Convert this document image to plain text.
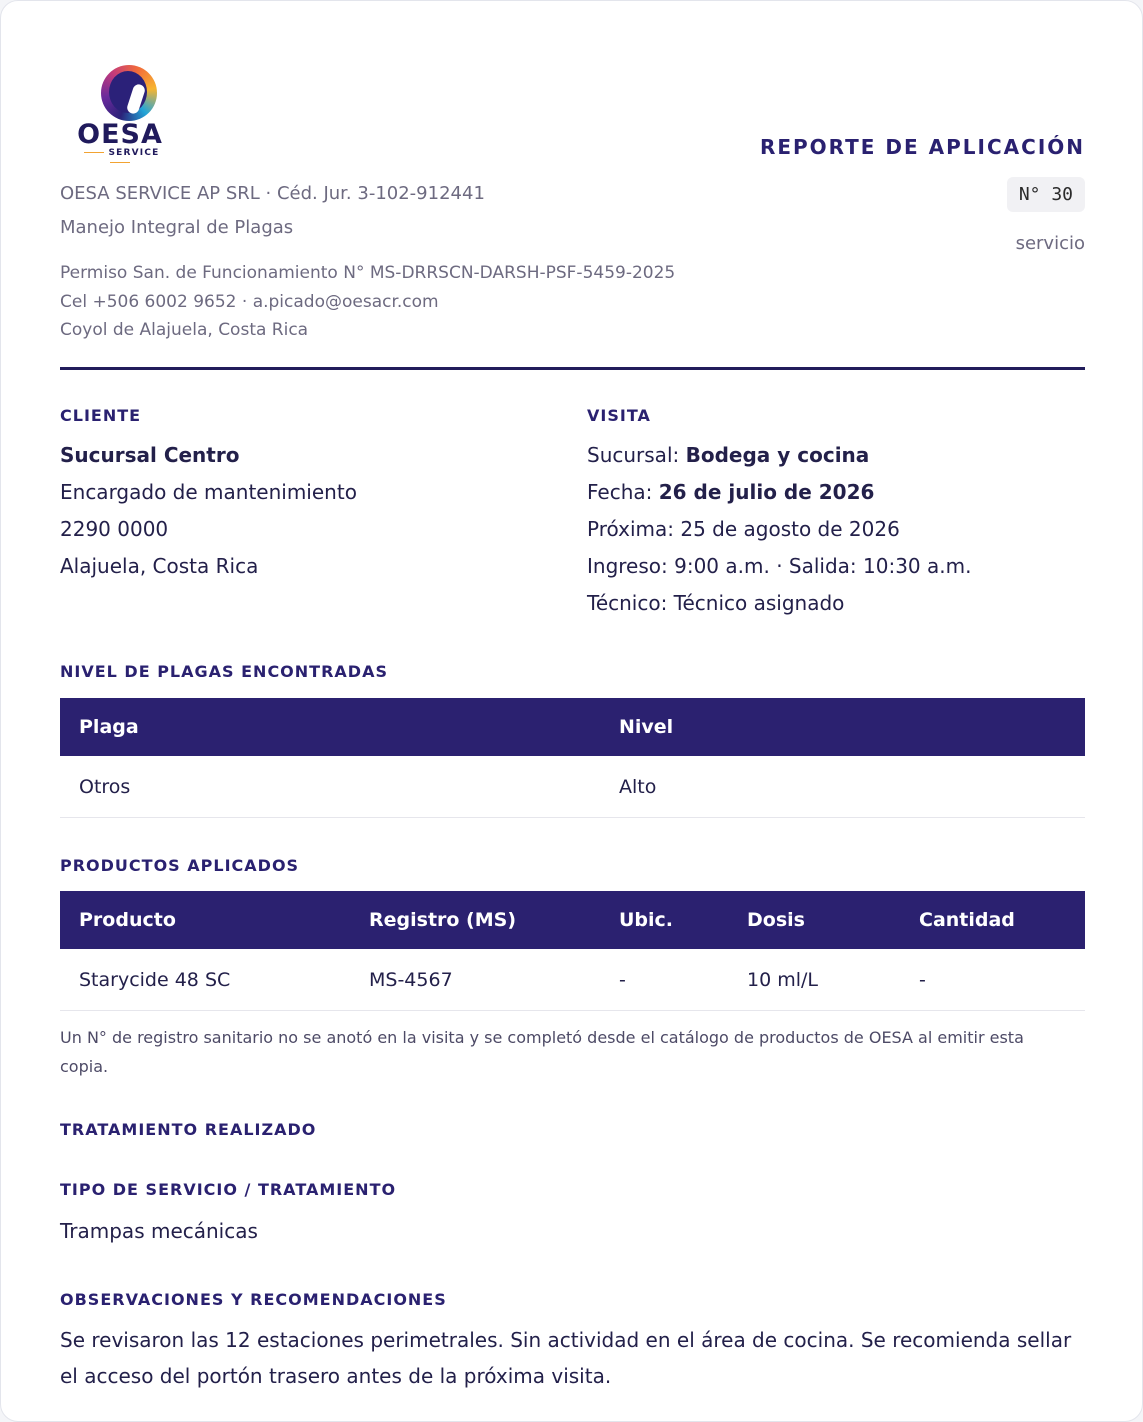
OESA
SERVICE
OESA SERVICE AP SRL · Céd. Jur. 3-102-912441
Manejo Integral de Plagas
Permiso San. de Funcionamiento N° MS-DRRSCN-DARSH-PSF-5459-2025
Cel +506 6002 9652 · a.picado@oesacr.com
Coyol de Alajuela, Costa Rica
REPORTE DE APLICACIÓN
N° 30
servicio
CLIENTE
Sucursal Centro
Encargado de mantenimiento
2290 0000
Alajuela, Costa Rica
VISITA
Sucursal: Bodega y cocina
Fecha: 26 de julio de 2026
Próxima: 25 de agosto de 2026
Ingreso: 9:00 a.m. · Salida: 10:30 a.m.
Técnico: Técnico asignado
NIVEL DE PLAGAS ENCONTRADAS
Plaga	Nivel
Otros	Alto
PRODUCTOS APLICADOS
Producto	Registro (MS)	Ubic.	Dosis	Cantidad
Starycide 48 SC	MS-4567	-	10 ml/L	-
Un N° de registro sanitario no se anotó en la visita y se completó desde el catálogo de productos de OESA al emitir esta copia.
TRATAMIENTO REALIZADO
TIPO DE SERVICIO / TRATAMIENTO
Trampas mecánicas
OBSERVACIONES Y RECOMENDACIONES
Se revisaron las 12 estaciones perimetrales. Sin actividad en el área de cocina. Se recomienda sellar el acceso del portón trasero antes de la próxima visita.
